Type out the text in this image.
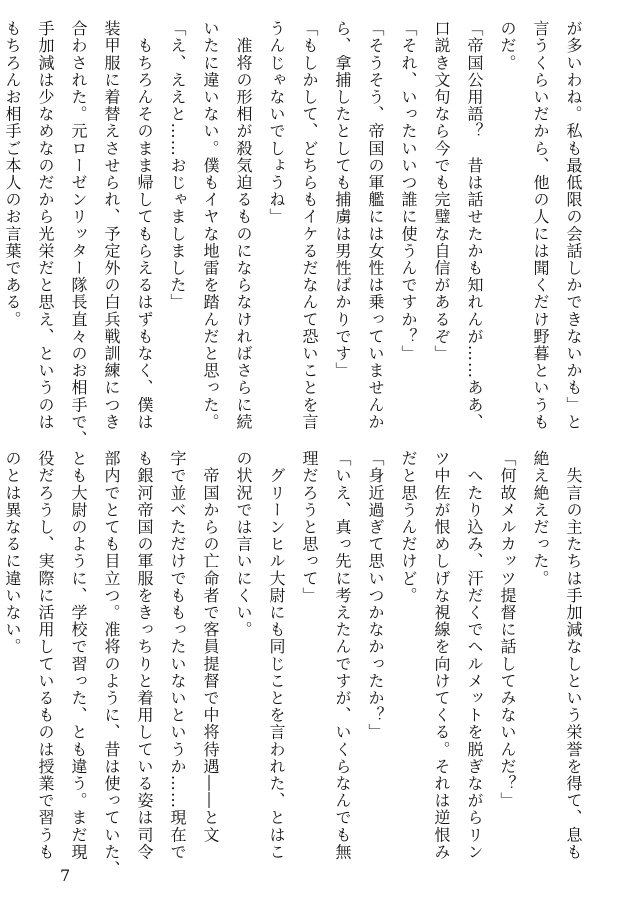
が多いわね。私も最低限の会話しかできないかも」と
言うくらいだから、他の人には聞くだけ野暮というも
のだ。
「帝国公用語？　昔は話せたかも知れんが……ああ、
口説き文句なら今でも完璧な自信があるぞ」
「それ、いったいいつ誰に使うんですか？」
「そうそう、帝国の軍艦には女性は乗っていませんか
ら、拿捕したとしても捕虜は男性ばかりです」
「もしかして、どちらもイケるだなんて恐いことを言
うんじゃないでしょうね」
　准将の形相が殺気迫るものにならなければさらに続
いたに違いない。僕もイヤな地雷を踏んだと思った。
「え、ええと……おじゃましました」
　もちろんそのまま帰してもらえるはずもなく、僕は
装甲服に着替えさせられ、予定外の白兵戦訓練につき
合わされた。元ローゼンリッター隊長直々のお相手で、
手加減は少なめなのだから光栄だと思え、というのは
もちろんお相手ご本人のお言葉である。
　失言の主たちは手加減なしという栄誉を得て、息も
絶え絶えだった。
「何故メルカッツ提督に話してみないんだ？」
　へたり込み、汗だくでヘルメットを脱ぎながらリン
ツ中佐が恨めしげな視線を向けてくる。それは逆恨み
だと思うんだけど。
「身近過ぎて思いつかなかったか？」
「いえ、真っ先に考えたんですが、いくらなんでも無
理だろうと思って」
　グリーンヒル大尉にも同じことを言われた、とはこ
の状況では言いにくい。
　帝国からの亡命者で客員提督で中将待遇――と文
字で並べただけでももったいないというか……現在で
も銀河帝国の軍服をきっちりと着用している姿は司令
部内でとても目立つ。准将のように、昔は使っていた、
とも大尉のように、学校で習った、とも違う。まだ現
役だろうし、実際に活用しているものは授業で習うも
のとは異なるに違いない。
7
